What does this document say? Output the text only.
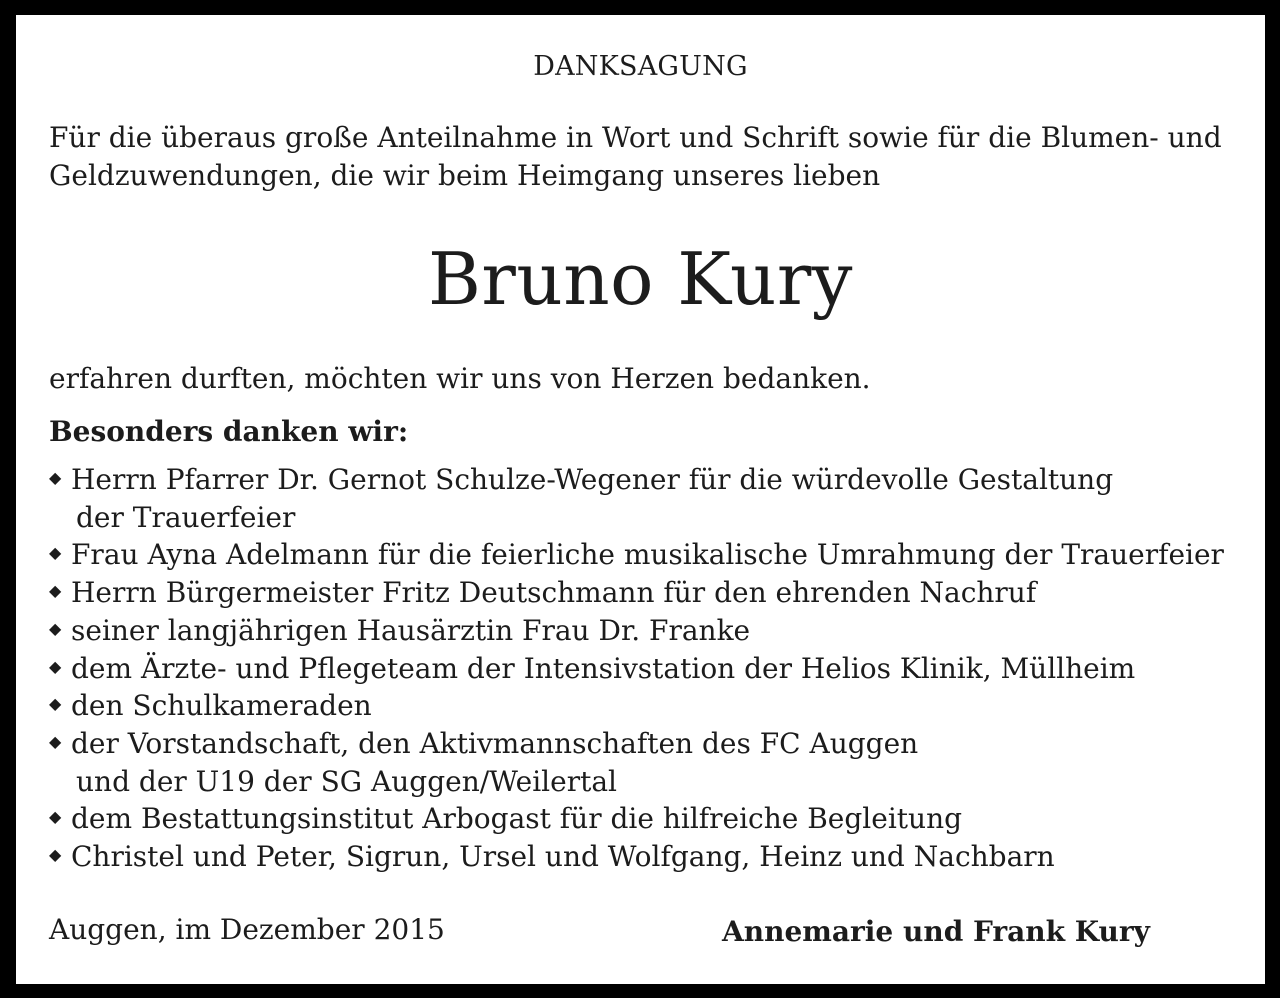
DANKSAGUNG
Für die überaus große Anteilnahme in Wort und Schrift sowie für die Blumen- und
Geldzuwendungen, die wir beim Heimgang unseres lieben
Bruno Kury
erfahren durften, möchten wir uns von Herzen bedanken.
Besonders danken wir:
◆ Herrn Pfarrer Dr. Gernot Schulze-Wegener für die würdevolle Gestaltung
der Trauerfeier
◆ Frau Ayna Adelmann für die feierliche musikalische Umrahmung der Trauerfeier
◆ Herrn Bürgermeister Fritz Deutschmann für den ehrenden Nachruf
◆ seiner langjährigen Hausärztin Frau Dr. Franke
◆ dem Ärzte- und Pflegeteam der Intensivstation der Helios Klinik, Müllheim
◆ den Schulkameraden
◆ der Vorstandschaft, den Aktivmannschaften des FC Auggen
und der U19 der SG Auggen/Weilertal
◆ dem Bestattungsinstitut Arbogast für die hilfreiche Begleitung
◆ Christel und Peter, Sigrun, Ursel und Wolfgang, Heinz und Nachbarn
Auggen, im Dezember 2015	Annemarie und Frank Kury
